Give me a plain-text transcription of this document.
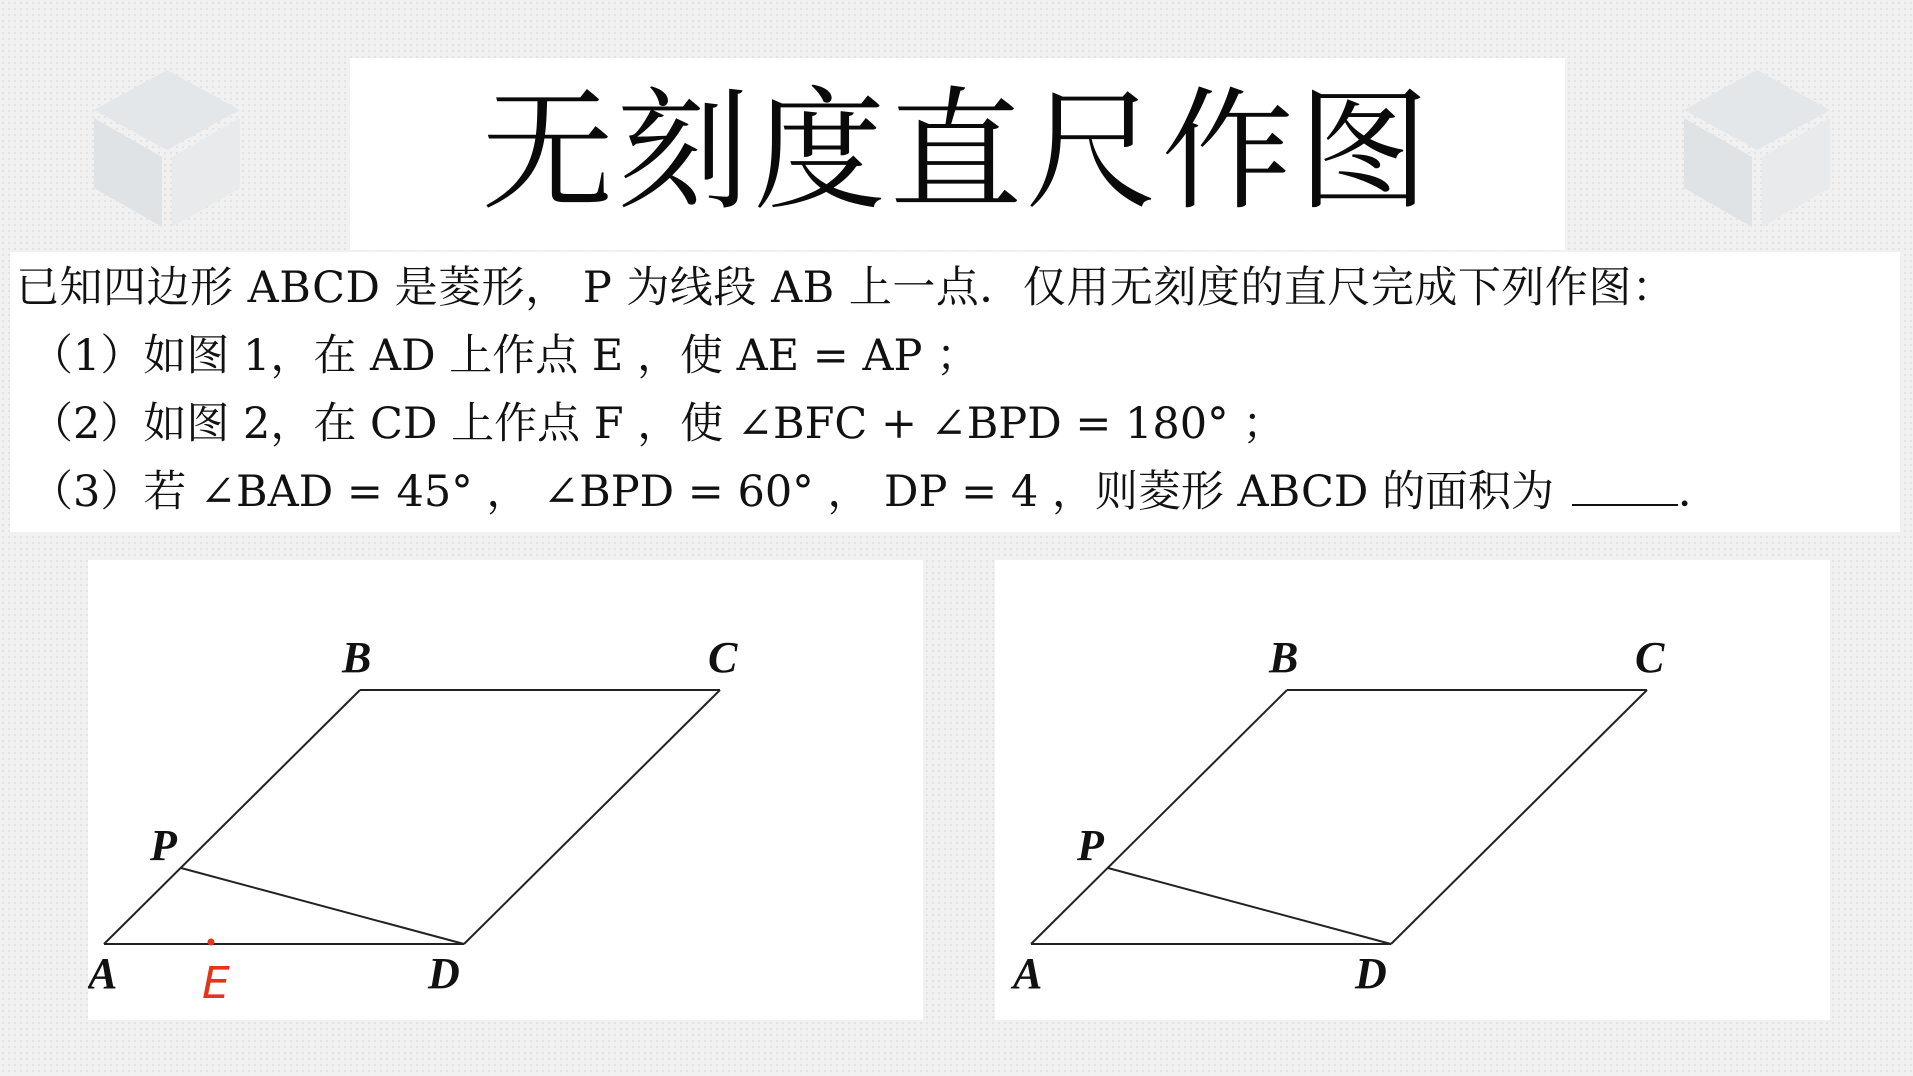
无刻度直尺作图
已知四边形 ABCD 是菱形， P 为线段 AB 上一点．仅用无刻度的直尺完成下列作图：
（1）如图 1，在 AD 上作点 E ，使 AE = AP ；
（2）如图 2，在 CD 上作点 F ，使 ∠BFC + ∠BPD = 180° ；
（3）若 ∠BAD = 45° ， ∠BPD = 60° ， DP = 4 ，则菱形 ABCD 的面积为	．
A	D
B	C
P
E	A	D
B	C
P
